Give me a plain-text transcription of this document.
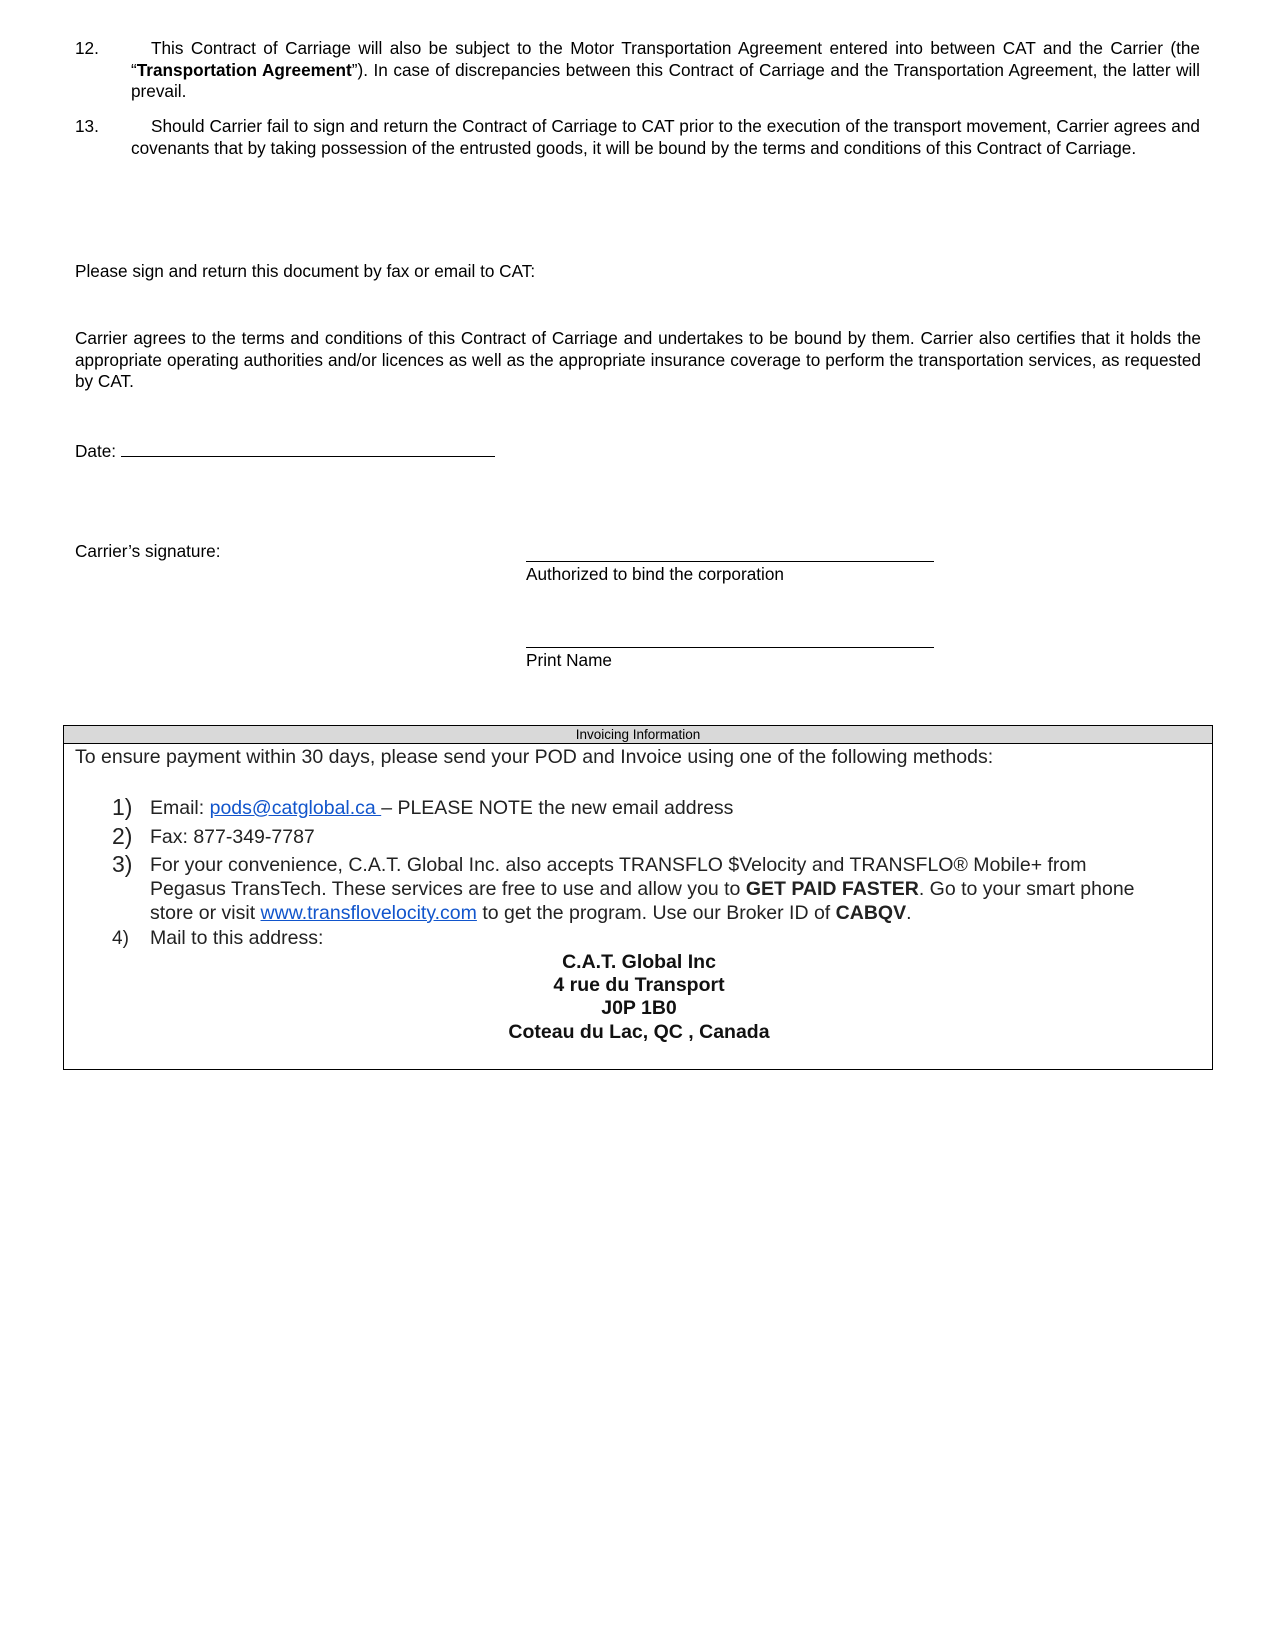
12.	This Contract of Carriage will also be subject to the Motor Transportation Agreement entered into between CAT and the Carrier (the “Transportation Agreement”). In case of discrepancies between this Contract of Carriage and the Transportation Agreement, the latter will prevail.
13.	Should Carrier fail to sign and return the Contract of Carriage to CAT prior to the execution of the transport movement, Carrier agrees and covenants that by taking possession of the entrusted goods, it will be bound by the terms and conditions of this Contract of Carriage.
Please sign and return this document by fax or email to CAT:
Carrier agrees to the terms and conditions of this Contract of Carriage and undertakes to be bound by them. Carrier also certifies that it holds the appropriate operating authorities and/or licences as well as the appropriate insurance coverage to perform the transportation services, as requested by CAT.
Date:
Carrier’s signature:
Authorized to bind the corporation
Print Name
Invoicing Information
To ensure payment within 30 days, please send your POD and Invoice using one of the following methods:
1) Email: pods@catglobal.ca – PLEASE NOTE the new email address
2) Fax: 877-349-7787
3) For your convenience, C.A.T. Global Inc. also accepts TRANSFLO $Velocity and TRANSFLO® Mobile+ from Pegasus TransTech. These services are free to use and allow you to GET PAID FASTER. Go to your smart phone store or visit www.transflovelocity.com to get the program. Use our Broker ID of CABQV.
4) Mail to this address:
C.A.T. Global Inc
4 rue du Transport
J0P 1B0
Coteau du Lac, QC , Canada
